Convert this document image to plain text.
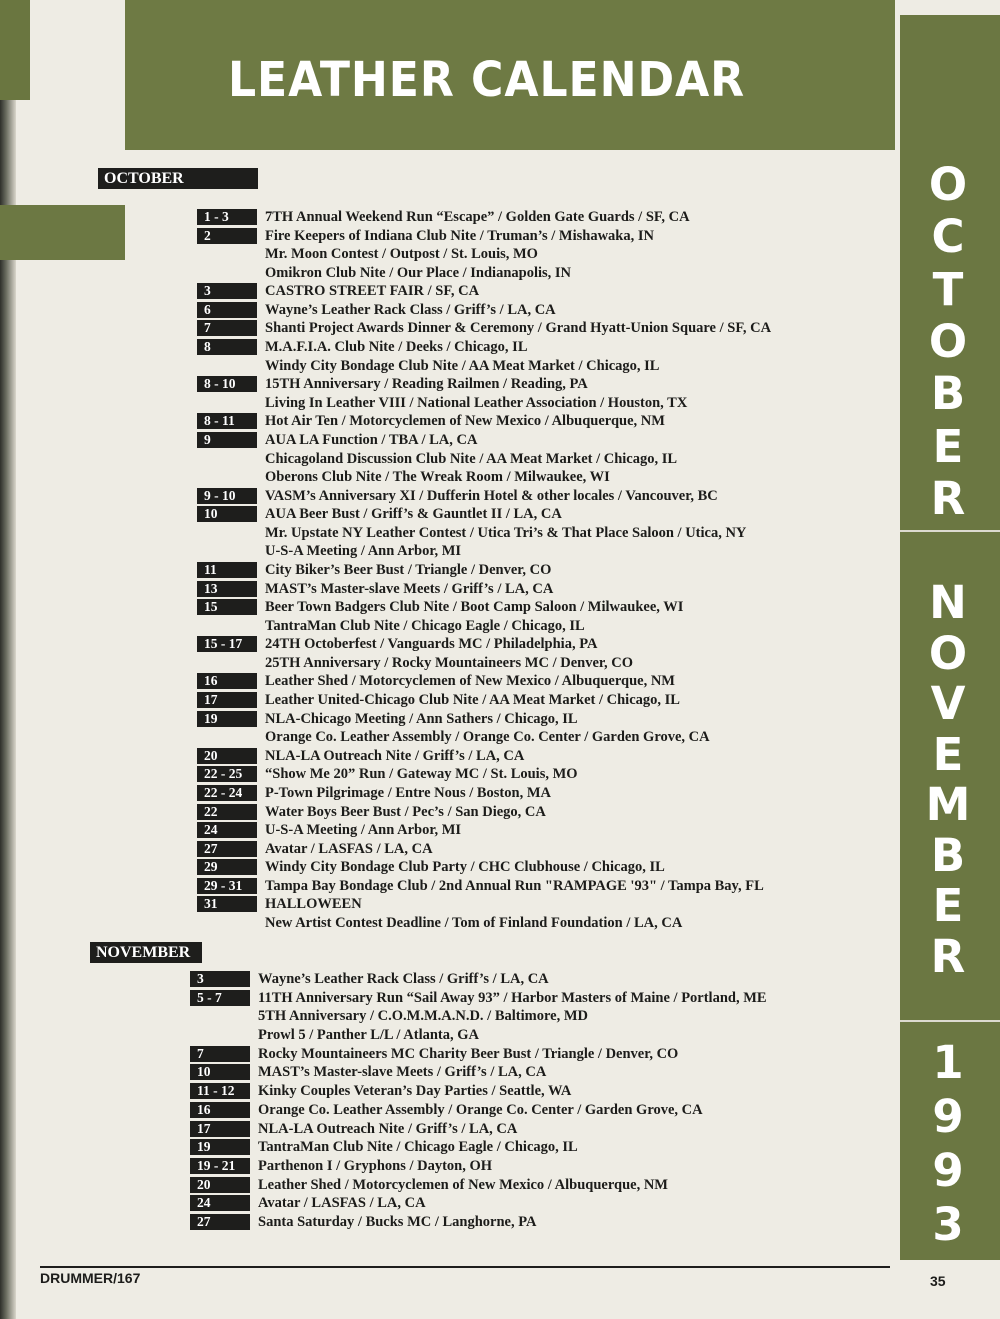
LEATHER CALENDAR
O
C
T
O
B
E
R
N
O
V
E
M
B
E
R
1
9
9
3
OCTOBER
1 - 3	7TH Annual Weekend Run “Escape” / Golden Gate Guards / SF, CA
2	Fire Keepers of Indiana Club Nite / Truman’s / Mishawaka, IN
Mr. Moon Contest / Outpost / St. Louis, MO
Omikron Club Nite / Our Place / Indianapolis, IN
3	CASTRO STREET FAIR / SF, CA
6	Wayne’s Leather Rack Class / Griff’s / LA, CA
7	Shanti Project Awards Dinner & Ceremony / Grand Hyatt-Union Square / SF, CA
8	M.A.F.I.A. Club Nite / Deeks / Chicago, IL
Windy City Bondage Club Nite / AA Meat Market / Chicago, IL
8 - 10	15TH Anniversary / Reading Railmen / Reading, PA
Living In Leather VIII / National Leather Association / Houston, TX
8 - 11	Hot Air Ten / Motorcyclemen of New Mexico / Albuquerque, NM
9	AUA LA Function / TBA / LA, CA
Chicagoland Discussion Club Nite / AA Meat Market / Chicago, IL
Oberons Club Nite / The Wreak Room / Milwaukee, WI
9 - 10	VASM’s Anniversary XI / Dufferin Hotel & other locales / Vancouver, BC
10	AUA Beer Bust / Griff’s & Gauntlet II / LA, CA
Mr. Upstate NY Leather Contest / Utica Tri’s & That Place Saloon / Utica, NY
U-S-A Meeting / Ann Arbor, MI
11	City Biker’s Beer Bust / Triangle / Denver, CO
13	MAST’s Master-slave Meets / Griff’s / LA, CA
15	Beer Town Badgers Club Nite / Boot Camp Saloon / Milwaukee, WI
TantraMan Club Nite / Chicago Eagle / Chicago, IL
15 - 17	24TH Octoberfest / Vanguards MC / Philadelphia, PA
25TH Anniversary / Rocky Mountaineers MC / Denver, CO
16	Leather Shed / Motorcyclemen of New Mexico / Albuquerque, NM
17	Leather United-Chicago Club Nite / AA Meat Market / Chicago, IL
19	NLA-Chicago Meeting / Ann Sathers / Chicago, IL
Orange Co. Leather Assembly / Orange Co. Center / Garden Grove, CA
20	NLA-LA Outreach Nite / Griff’s / LA, CA
22 - 25	“Show Me 20” Run / Gateway MC / St. Louis, MO
22 - 24	P-Town Pilgrimage / Entre Nous / Boston, MA
22	Water Boys Beer Bust / Pec’s / San Diego, CA
24	U-S-A Meeting / Ann Arbor, MI
27	Avatar / LASFAS / LA, CA
29	Windy City Bondage Club Party / CHC Clubhouse / Chicago, IL
29 - 31	Tampa Bay Bondage Club / 2nd Annual Run "RAMPAGE '93" / Tampa Bay, FL
31	HALLOWEEN
New Artist Contest Deadline / Tom of Finland Foundation / LA, CA
NOVEMBER
3	Wayne’s Leather Rack Class / Griff’s / LA, CA
5 - 7	11TH Anniversary Run “Sail Away 93” / Harbor Masters of Maine / Portland, ME
5TH Anniversary / C.O.M.M.A.N.D. / Baltimore, MD
Prowl 5 / Panther L/L / Atlanta, GA
7	Rocky Mountaineers MC Charity Beer Bust / Triangle / Denver, CO
10	MAST’s Master-slave Meets / Griff’s / LA, CA
11 - 12	Kinky Couples Veteran’s Day Parties / Seattle, WA
16	Orange Co. Leather Assembly / Orange Co. Center / Garden Grove, CA
17	NLA-LA Outreach Nite / Griff’s / LA, CA
19	TantraMan Club Nite / Chicago Eagle / Chicago, IL
19 - 21	Parthenon I / Gryphons / Dayton, OH
20	Leather Shed / Motorcyclemen of New Mexico / Albuquerque, NM
24	Avatar / LASFAS / LA, CA
27	Santa Saturday / Bucks MC / Langhorne, PA
DRUMMER/167	35
